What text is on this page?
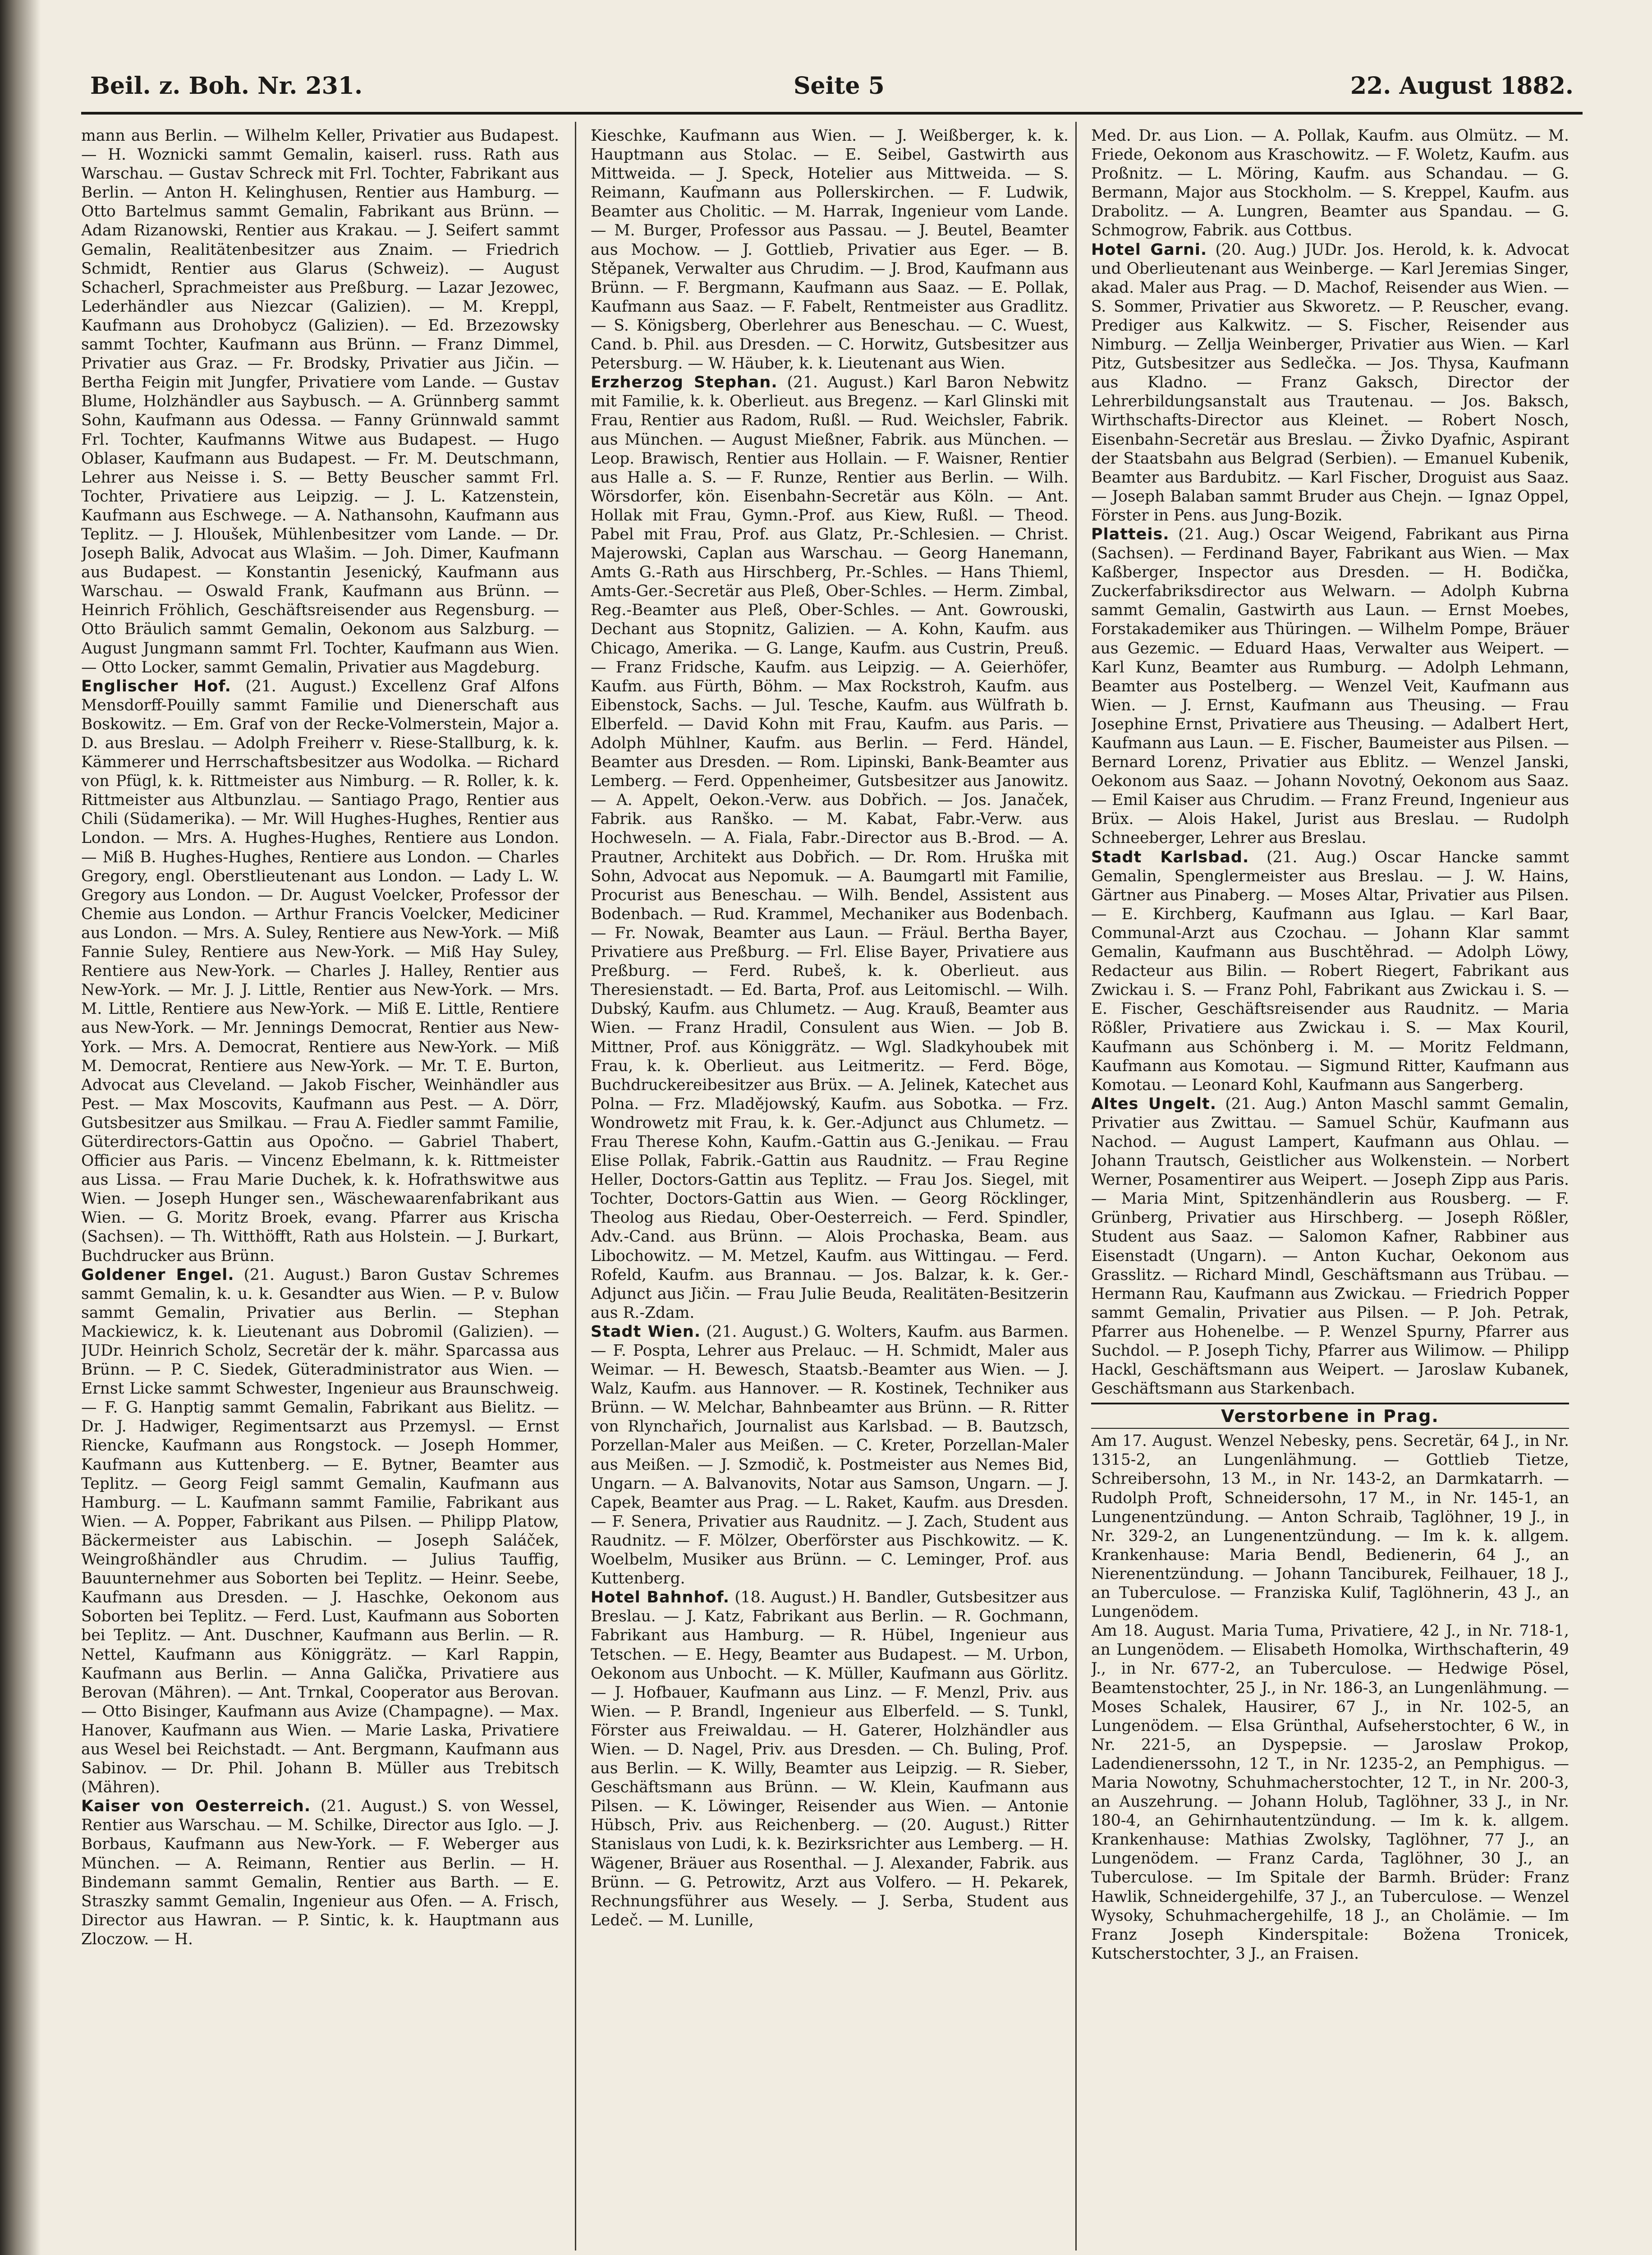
Beil. z. Boh. Nr. 231.	Seite 5	22. August 1882.

mann aus Berlin. — Wilhelm Keller, Privatier aus Budapest. — H. Woznicki sammt Gemalin, kaiserl. russ. Rath aus Warschau. — Gustav Schreck mit Frl. Tochter, Fabrikant aus Berlin. — Anton H. Kelinghusen, Rentier aus Hamburg. — Otto Bartelmus sammt Gemalin, Fabrikant aus Brünn. — Adam Rizanowski, Rentier aus Krakau. — J. Seifert sammt Gemalin, Realitätenbesitzer aus Znaim. — Friedrich Schmidt, Rentier aus Glarus (Schweiz). — August Schacherl, Sprachmeister aus Preßburg. — Lazar Jezowec, Lederhändler aus Niezcar (Galizien). — M. Kreppl, Kaufmann aus Drohobycz (Galizien). — Ed. Brzezowsky sammt Tochter, Kaufmann aus Brünn. — Franz Dimmel, Privatier aus Graz. — Fr. Brodsky, Privatier aus Jičin. — Bertha Feigin mit Jungfer, Privatiere vom Lande. — Gustav Blume, Holzhändler aus Saybusch. — A. Grünnberg sammt Sohn, Kaufmann aus Odessa. — Fanny Grünnwald sammt Frl. Tochter, Kaufmanns Witwe aus Budapest. — Hugo Oblaser, Kaufmann aus Budapest. — Fr. M. Deutschmann, Lehrer aus Neisse i. S. — Betty Beuscher sammt Frl. Tochter, Privatiere aus Leipzig. — J. L. Katzenstein, Kaufmann aus Eschwege. — A. Nathansohn, Kaufmann aus Teplitz. — J. Hloušek, Mühlenbesitzer vom Lande. — Dr. Joseph Balik, Advocat aus Wlašim. — Joh. Dimer, Kaufmann aus Budapest. — Konstantin Jesenický, Kaufmann aus Warschau. — Oswald Frank, Kaufmann aus Brünn. — Heinrich Fröhlich, Geschäftsreisender aus Regensburg. — Otto Bräulich sammt Gemalin, Oekonom aus Salzburg. — August Jungmann sammt Frl. Tochter, Kaufmann aus Wien. — Otto Locker, sammt Gemalin, Privatier aus Magdeburg.

Englischer Hof. (21. August.) Excellenz Graf Alfons Mensdorff-Pouilly sammt Familie und Dienerschaft aus Boskowitz. — Em. Graf von der Recke-Volmerstein, Major a. D. aus Breslau. — Adolph Freiherr v. Riese-Stallburg, k. k. Kämmerer und Herrschaftsbesitzer aus Wodolka. — Richard von Pfügl, k. k. Rittmeister aus Nimburg. — R. Roller, k. k. Rittmeister aus Altbunzlau. — Santiago Prago, Rentier aus Chili (Südamerika). — Mr. Will Hughes-Hughes, Rentier aus London. — Mrs. A. Hughes-Hughes, Rentiere aus London. — Miß B. Hughes-Hughes, Rentiere aus London. — Charles Gregory, engl. Oberstlieutenant aus London. — Lady L. W. Gregory aus London. — Dr. August Voelcker, Professor der Chemie aus London. — Arthur Francis Voelcker, Mediciner aus London. — Mrs. A. Suley, Rentiere aus New-York. — Miß Fannie Suley, Rentiere aus New-York. — Miß Hay Suley, Rentiere aus New-York. — Charles J. Halley, Rentier aus New-York. — Mr. J. J. Little, Rentier aus New-York. — Mrs. M. Little, Rentiere aus New-York. — Miß E. Little, Rentiere aus New-York. — Mr. Jennings Democrat, Rentier aus New-York. — Mrs. A. Democrat, Rentiere aus New-York. — Miß M. Democrat, Rentiere aus New-York. — Mr. T. E. Burton, Advocat aus Cleveland. — Jakob Fischer, Weinhändler aus Pest. — Max Moscovits, Kaufmann aus Pest. — A. Dörr, Gutsbesitzer aus Smilkau. — Frau A. Fiedler sammt Familie, Güterdirectors-Gattin aus Opočno. — Gabriel Thabert, Officier aus Paris. — Vincenz Ebelmann, k. k. Rittmeister aus Lissa. — Frau Marie Duchek, k. k. Hofrathswitwe aus Wien. — Joseph Hunger sen., Wäschewaarenfabrikant aus Wien. — G. Moritz Broek, evang. Pfarrer aus Krischa (Sachsen). — Th. Witthöfft, Rath aus Holstein. — J. Burkart, Buchdrucker aus Brünn.

Goldener Engel. (21. August.) Baron Gustav Schremes sammt Gemalin, k. u. k. Gesandter aus Wien. — P. v. Bulow sammt Gemalin, Privatier aus Berlin. — Stephan Mackiewicz, k. k. Lieutenant aus Dobromil (Galizien). — JUDr. Heinrich Scholz, Secretär der k. mähr. Sparcassa aus Brünn. — P. C. Siedek, Güteradministrator aus Wien. — Ernst Licke sammt Schwester, Ingenieur aus Braunschweig. — F. G. Hanptig sammt Gemalin, Fabrikant aus Bielitz. — Dr. J. Hadwiger, Regimentsarzt aus Przemysl. — Ernst Riencke, Kaufmann aus Rongstock. — Joseph Hommer, Kaufmann aus Kuttenberg. — E. Bytner, Beamter aus Teplitz. — Georg Feigl sammt Gemalin, Kaufmann aus Hamburg. — L. Kaufmann sammt Familie, Fabrikant aus Wien. — A. Popper, Fabrikant aus Pilsen. — Philipp Platow, Bäckermeister aus Labischin. — Joseph Saláček, Weingroßhändler aus Chrudim. — Julius Tauffig, Bauunternehmer aus Soborten bei Teplitz. — Heinr. Seebe, Kaufmann aus Dresden. — J. Haschke, Oekonom aus Soborten bei Teplitz. — Ferd. Lust, Kaufmann aus Soborten bei Teplitz. — Ant. Duschner, Kaufmann aus Berlin. — R. Nettel, Kaufmann aus Königgrätz. — Karl Rappin, Kaufmann aus Berlin. — Anna Galička, Privatiere aus Berovan (Mähren). — Ant. Trnkal, Cooperator aus Berovan. — Otto Bisinger, Kaufmann aus Avize (Champagne). — Max. Hanover, Kaufmann aus Wien. — Marie Laska, Privatiere aus Wesel bei Reichstadt. — Ant. Bergmann, Kaufmann aus Sabinov. — Dr. Phil. Johann B. Müller aus Trebitsch (Mähren).

Kaiser von Oesterreich. (21. August.) S. von Wessel, Rentier aus Warschau. — M. Schilke, Director aus Iglo. — J. Borbaus, Kaufmann aus New-York. — F. Weberger aus München. — A. Reimann, Rentier aus Berlin. — H. Bindemann sammt Gemalin, Rentier aus Barth. — E. Straszky sammt Gemalin, Ingenieur aus Ofen. — A. Frisch, Director aus Hawran. — P. Sintic, k. k. Hauptmann aus Zloczow. — H.

Kieschke, Kaufmann aus Wien. — J. Weißberger, k. k. Hauptmann aus Stolac. — E. Seibel, Gastwirth aus Mittweida. — J. Speck, Hotelier aus Mittweida. — S. Reimann, Kaufmann aus Pollerskirchen. — F. Ludwik, Beamter aus Cholitic. — M. Harrak, Ingenieur vom Lande. — M. Burger, Professor aus Passau. — J. Beutel, Beamter aus Mochow. — J. Gottlieb, Privatier aus Eger. — B. Stěpanek, Verwalter aus Chrudim. — J. Brod, Kaufmann aus Brünn. — F. Bergmann, Kaufmann aus Saaz. — E. Pollak, Kaufmann aus Saaz. — F. Fabelt, Rentmeister aus Gradlitz. — S. Königsberg, Oberlehrer aus Beneschau. — C. Wuest, Cand. b. Phil. aus Dresden. — C. Horwitz, Gutsbesitzer aus Petersburg. — W. Häuber, k. k. Lieutenant aus Wien.

Erzherzog Stephan. (21. August.) Karl Baron Nebwitz mit Familie, k. k. Oberlieut. aus Bregenz. — Karl Glinski mit Frau, Rentier aus Radom, Rußl. — Rud. Weichsler, Fabrik. aus München. — August Mießner, Fabrik. aus München. — Leop. Brawisch, Rentier aus Hollain. — F. Waisner, Rentier aus Halle a. S. — F. Runze, Rentier aus Berlin. — Wilh. Wörsdorfer, kön. Eisenbahn-Secretär aus Köln. — Ant. Hollak mit Frau, Gymn.-Prof. aus Kiew, Rußl. — Theod. Pabel mit Frau, Prof. aus Glatz, Pr.-Schlesien. — Christ. Majerowski, Caplan aus Warschau. — Georg Hanemann, Amts G.-Rath aus Hirschberg, Pr.-Schles. — Hans Thieml, Amts-Ger.-Secretär aus Pleß, Ober-Schles. — Herm. Zimbal, Reg.-Beamter aus Pleß, Ober-Schles. — Ant. Gowrouski, Dechant aus Stopnitz, Galizien. — A. Kohn, Kaufm. aus Chicago, Amerika. — G. Lange, Kaufm. aus Custrin, Preuß. — Franz Fridsche, Kaufm. aus Leipzig. — A. Geierhöfer, Kaufm. aus Fürth, Böhm. — Max Rockstroh, Kaufm. aus Eibenstock, Sachs. — Jul. Tesche, Kaufm. aus Wülfrath b. Elberfeld. — David Kohn mit Frau, Kaufm. aus Paris. — Adolph Mühlner, Kaufm. aus Berlin. — Ferd. Händel, Beamter aus Dresden. — Rom. Lipinski, Bank-Beamter aus Lemberg. — Ferd. Oppenheimer, Gutsbesitzer aus Janowitz. — A. Appelt, Oekon.-Verw. aus Dobřich. — Jos. Janaček, Fabrik. aus Ranško. — M. Kabat, Fabr.-Verw. aus Hochweseln. — A. Fiala, Fabr.-Director aus B.-Brod. — A. Prautner, Architekt aus Dobřich. — Dr. Rom. Hruška mit Sohn, Advocat aus Nepomuk. — A. Baumgartl mit Familie, Procurist aus Beneschau. — Wilh. Bendel, Assistent aus Bodenbach. — Rud. Krammel, Mechaniker aus Bodenbach. — Fr. Nowak, Beamter aus Laun. — Fräul. Bertha Bayer, Privatiere aus Preßburg. — Frl. Elise Bayer, Privatiere aus Preßburg. — Ferd. Rubeš, k. k. Oberlieut. aus Theresienstadt. — Ed. Barta, Prof. aus Leitomischl. — Wilh. Dubský, Kaufm. aus Chlumetz. — Aug. Krauß, Beamter aus Wien. — Franz Hradil, Consulent aus Wien. — Job B. Mittner, Prof. aus Königgrätz. — Wgl. Sladkyhoubek mit Frau, k. k. Oberlieut. aus Leitmeritz. — Ferd. Böge, Buchdruckereibesitzer aus Brüx. — A. Jelinek, Katechet aus Polna. — Frz. Mladějowský, Kaufm. aus Sobotka. — Frz. Wondrowetz mit Frau, k. k. Ger.-Adjunct aus Chlumetz. — Frau Therese Kohn, Kaufm.-Gattin aus G.-Jenikau. — Frau Elise Pollak, Fabrik.-Gattin aus Raudnitz. — Frau Regine Heller, Doctors-Gattin aus Teplitz. — Frau Jos. Siegel, mit Tochter, Doctors-Gattin aus Wien. — Georg Röcklinger, Theolog aus Riedau, Ober-Oesterreich. — Ferd. Spindler, Adv.-Cand. aus Brünn. — Alois Prochaska, Beam. aus Libochowitz. — M. Metzel, Kaufm. aus Wittingau. — Ferd. Rofeld, Kaufm. aus Brannau. — Jos. Balzar, k. k. Ger.-Adjunct aus Jičin. — Frau Julie Beuda, Realitäten-Besitzerin aus R.-Zdam.

Stadt Wien. (21. August.) G. Wolters, Kaufm. aus Barmen. — F. Pospta, Lehrer aus Prelauc. — H. Schmidt, Maler aus Weimar. — H. Bewesch, Staatsb.-Beamter aus Wien. — J. Walz, Kaufm. aus Hannover. — R. Kostinek, Techniker aus Brünn. — W. Melchar, Bahnbeamter aus Brünn. — R. Ritter von Rlynchařich, Journalist aus Karlsbad. — B. Bautzsch, Porzellan-Maler aus Meißen. — C. Kreter, Porzellan-Maler aus Meißen. — J. Szmodič, k. Postmeister aus Nemes Bid, Ungarn. — A. Balvanovits, Notar aus Samson, Ungarn. — J. Capek, Beamter aus Prag. — L. Raket, Kaufm. aus Dresden. — F. Senera, Privatier aus Raudnitz. — J. Zach, Student aus Raudnitz. — F. Mölzer, Oberförster aus Pischkowitz. — K. Woelbelm, Musiker aus Brünn. — C. Leminger, Prof. aus Kuttenberg.

Hotel Bahnhof. (18. August.) H. Bandler, Gutsbesitzer aus Breslau. — J. Katz, Fabrikant aus Berlin. — R. Gochmann, Fabrikant aus Hamburg. — R. Hübel, Ingenieur aus Tetschen. — E. Hegy, Beamter aus Budapest. — M. Urbon, Oekonom aus Unbocht. — K. Müller, Kaufmann aus Görlitz. — J. Hofbauer, Kaufmann aus Linz. — F. Menzl, Priv. aus Wien. — P. Brandl, Ingenieur aus Elberfeld. — S. Tunkl, Förster aus Freiwaldau. — H. Gaterer, Holzhändler aus Wien. — D. Nagel, Priv. aus Dresden. — Ch. Buling, Prof. aus Berlin. — K. Willy, Beamter aus Leipzig. — R. Sieber, Geschäftsmann aus Brünn. — W. Klein, Kaufmann aus Pilsen. — K. Löwinger, Reisender aus Wien. — Antonie Hübsch, Priv. aus Reichenberg. — (20. August.) Ritter Stanislaus von Ludi, k. k. Bezirksrichter aus Lemberg. — H. Wägener, Bräuer aus Rosenthal. — J. Alexander, Fabrik. aus Brünn. — G. Petrowitz, Arzt aus Volfero. — H. Pekarek, Rechnungsführer aus Wesely. — J. Serba, Student aus Ledeč. — M. Lunille,

Med. Dr. aus Lion. — A. Pollak, Kaufm. aus Olmütz. — M. Friede, Oekonom aus Kraschowitz. — F. Woletz, Kaufm. aus Proßnitz. — L. Möring, Kaufm. aus Schandau. — G. Bermann, Major aus Stockholm. — S. Kreppel, Kaufm. aus Drabolitz. — A. Lungren, Beamter aus Spandau. — G. Schmogrow, Fabrik. aus Cottbus.

Hotel Garni. (20. Aug.) JUDr. Jos. Herold, k. k. Advocat und Oberlieutenant aus Weinberge. — Karl Jeremias Singer, akad. Maler aus Prag. — D. Machof, Reisender aus Wien. — S. Sommer, Privatier aus Skworetz. — P. Reuscher, evang. Prediger aus Kalkwitz. — S. Fischer, Reisender aus Nimburg. — Zellja Weinberger, Privatier aus Wien. — Karl Pitz, Gutsbesitzer aus Sedlečka. — Jos. Thysa, Kaufmann aus Kladno. — Franz Gaksch, Director der Lehrerbildungsanstalt aus Trautenau. — Jos. Baksch, Wirthschafts-Director aus Kleinet. — Robert Nosch, Eisenbahn-Secretär aus Breslau. — Živko Dyafnic, Aspirant der Staatsbahn aus Belgrad (Serbien). — Emanuel Kubenik, Beamter aus Bardubitz. — Karl Fischer, Droguist aus Saaz. — Joseph Balaban sammt Bruder aus Chejn. — Ignaz Oppel, Förster in Pens. aus Jung-Bozik.

Platteis. (21. Aug.) Oscar Weigend, Fabrikant aus Pirna (Sachsen). — Ferdinand Bayer, Fabrikant aus Wien. — Max Kaßberger, Inspector aus Dresden. — H. Bodička, Zuckerfabriksdirector aus Welwarn. — Adolph Kubrna sammt Gemalin, Gastwirth aus Laun. — Ernst Moebes, Forstakademiker aus Thüringen. — Wilhelm Pompe, Bräuer aus Gezemic. — Eduard Haas, Verwalter aus Weipert. — Karl Kunz, Beamter aus Rumburg. — Adolph Lehmann, Beamter aus Postelberg. — Wenzel Veit, Kaufmann aus Wien. — J. Ernst, Kaufmann aus Theusing. — Frau Josephine Ernst, Privatiere aus Theusing. — Adalbert Hert, Kaufmann aus Laun. — E. Fischer, Baumeister aus Pilsen. — Bernard Lorenz, Privatier aus Eblitz. — Wenzel Janski, Oekonom aus Saaz. — Johann Novotný, Oekonom aus Saaz. — Emil Kaiser aus Chrudim. — Franz Freund, Ingenieur aus Brüx. — Alois Hakel, Jurist aus Breslau. — Rudolph Schneeberger, Lehrer aus Breslau.

Stadt Karlsbad. (21. Aug.) Oscar Hancke sammt Gemalin, Spenglermeister aus Breslau. — J. W. Hains, Gärtner aus Pinaberg. — Moses Altar, Privatier aus Pilsen. — E. Kirchberg, Kaufmann aus Iglau. — Karl Baar, Communal-Arzt aus Czochau. — Johann Klar sammt Gemalin, Kaufmann aus Buschtěhrad. — Adolph Löwy, Redacteur aus Bilin. — Robert Riegert, Fabrikant aus Zwickau i. S. — Franz Pohl, Fabrikant aus Zwickau i. S. — E. Fischer, Geschäftsreisender aus Raudnitz. — Maria Rößler, Privatiere aus Zwickau i. S. — Max Kouril, Kaufmann aus Schönberg i. M. — Moritz Feldmann, Kaufmann aus Komotau. — Sigmund Ritter, Kaufmann aus Komotau. — Leonard Kohl, Kaufmann aus Sangerberg.

Altes Ungelt. (21. Aug.) Anton Maschl sammt Gemalin, Privatier aus Zwittau. — Samuel Schür, Kaufmann aus Nachod. — August Lampert, Kaufmann aus Ohlau. — Johann Trautsch, Geistlicher aus Wolkenstein. — Norbert Werner, Posamentirer aus Weipert. — Joseph Zipp aus Paris. — Maria Mint, Spitzenhändlerin aus Rousberg. — F. Grünberg, Privatier aus Hirschberg. — Joseph Rößler, Student aus Saaz. — Salomon Kafner, Rabbiner aus Eisenstadt (Ungarn). — Anton Kuchar, Oekonom aus Grasslitz. — Richard Mindl, Geschäftsmann aus Trübau. — Hermann Rau, Kaufmann aus Zwickau. — Friedrich Popper sammt Gemalin, Privatier aus Pilsen. — P. Joh. Petrak, Pfarrer aus Hohenelbe. — P. Wenzel Spurny, Pfarrer aus Suchdol. — P. Joseph Tichy, Pfarrer aus Wilimow. — Philipp Hackl, Geschäftsmann aus Weipert. — Jaroslaw Kubanek, Geschäftsmann aus Starkenbach.

Verstorbene in Prag.

Am 17. August. Wenzel Nebesky, pens. Secretär, 64 J., in Nr. 1315-2, an Lungenlähmung. — Gottlieb Tietze, Schreibersohn, 13 M., in Nr. 143-2, an Darmkatarrh. — Rudolph Proft, Schneidersohn, 17 M., in Nr. 145-1, an Lungenentzündung. — Anton Schraib, Taglöhner, 19 J., in Nr. 329-2, an Lungenentzündung. — Im k. k. allgem. Krankenhause: Maria Bendl, Bedienerin, 64 J., an Nierenentzündung. — Johann Tanciburek, Feilhauer, 18 J., an Tuberculose. — Franziska Kulif, Taglöhnerin, 43 J., an Lungenödem.

Am 18. August. Maria Tuma, Privatiere, 42 J., in Nr. 718-1, an Lungenödem. — Elisabeth Homolka, Wirthschafterin, 49 J., in Nr. 677-2, an Tuberculose. — Hedwige Pösel, Beamtenstochter, 25 J., in Nr. 186-3, an Lungenlähmung. — Moses Schalek, Hausirer, 67 J., in Nr. 102-5, an Lungenödem. — Elsa Grünthal, Aufseherstochter, 6 W., in Nr. 221-5, an Dyspepsie. — Jaroslaw Prokop, Ladendienerssohn, 12 T., in Nr. 1235-2, an Pemphigus. — Maria Nowotny, Schuhmacherstochter, 12 T., in Nr. 200-3, an Auszehrung. — Johann Holub, Taglöhner, 33 J., in Nr. 180-4, an Gehirnhautentzündung. — Im k. k. allgem. Krankenhause: Mathias Zwolsky, Taglöhner, 77 J., an Lungenödem. — Franz Carda, Taglöhner, 30 J., an Tuberculose. — Im Spitale der Barmh. Brüder: Franz Hawlik, Schneidergehilfe, 37 J., an Tuberculose. — Wenzel Wysoky, Schuhmachergehilfe, 18 J., an Cholämie. — Im Franz Joseph Kinderspitale: Božena Tronicek, Kutscherstochter, 3 J., an Fraisen.
